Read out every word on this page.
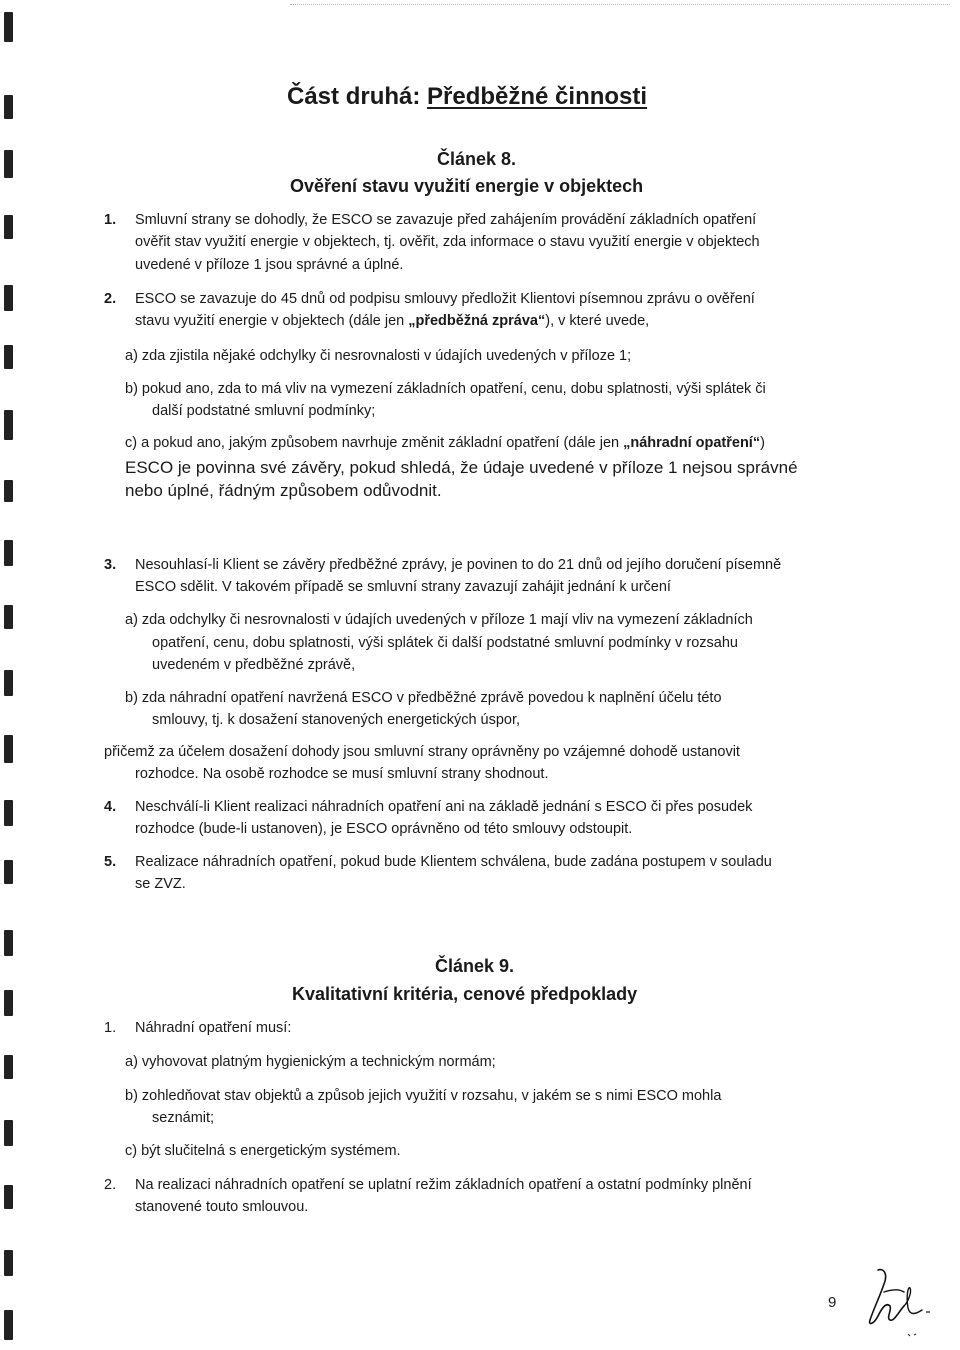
Část druhá: Předběžné činnosti
Článek 8.
Ověření stavu využití energie v objektech
1. Smluvní strany se dohodly, že ESCO se zavazuje před zahájením provádění základních opatření
ověřit stav využití energie v objektech, tj. ověřit, zda informace o stavu využití energie v objektech
uvedené v příloze 1 jsou správné a úplné.
2. ESCO se zavazuje do 45 dnů od podpisu smlouvy předložit Klientovi písemnou zprávu o ověření
stavu využití energie v objektech (dále jen „předběžná zpráva“), v které uvede,
a) zda zjistila nějaké odchylky či nesrovnalosti v údajích uvedených v příloze 1;
b) pokud ano, zda to má vliv na vymezení základních opatření, cenu, dobu splatnosti, výši splátek či
další podstatné smluvní podmínky;
c) a pokud ano, jakým způsobem navrhuje změnit základní opatření (dále jen „náhradní opatření“)
ESCO je povinna své závěry, pokud shledá, že údaje uvedené v příloze 1 nejsou správné
nebo úplné, řádným způsobem odůvodnit.
3. Nesouhlasí-li Klient se závěry předběžné zprávy, je povinen to do 21 dnů od jejího doručení písemně
ESCO sdělit. V takovém případě se smluvní strany zavazují zahájit jednání k určení
a) zda odchylky či nesrovnalosti v údajích uvedených v příloze 1 mají vliv na vymezení základních
opatření, cenu, dobu splatnosti, výši splátek či další podstatné smluvní podmínky v rozsahu
uvedeném v předběžné zprávě,
b) zda náhradní opatření navržená ESCO v předběžné zprávě povedou k naplnění účelu této
smlouvy, tj. k dosažení stanovených energetických úspor,
přičemž za účelem dosažení dohody jsou smluvní strany oprávněny po vzájemné dohodě ustanovit
rozhodce. Na osobě rozhodce se musí smluvní strany shodnout.
4. Neschválí-li Klient realizaci náhradních opatření ani na základě jednání s ESCO či přes posudek
rozhodce (bude-li ustanoven), je ESCO oprávněno od této smlouvy odstoupit.
5. Realizace náhradních opatření, pokud bude Klientem schválena, bude zadána postupem v souladu
se ZVZ.
Článek 9.
Kvalitativní kritéria, cenové předpoklady
1. Náhradní opatření musí:
a) vyhovovat platným hygienickým a technickým normám;
b) zohledňovat stav objektů a způsob jejich využití v rozsahu, v jakém se s nimi ESCO mohla
seznámit;
c) být slučitelná s energetickým systémem.
2. Na realizaci náhradních opatření se uplatní režim základních opatření a ostatní podmínky plnění
stanovené touto smlouvou.
9
